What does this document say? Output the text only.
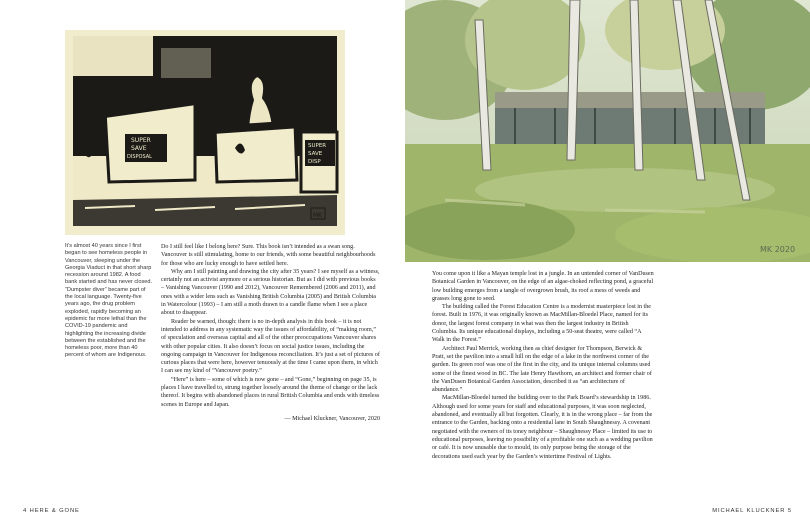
SUPER
SAVE
DISPOSAL
SUPER
SAVE
DISP
MK
It’s almost 40 years since I first began to see homeless people in Vancouver, sleeping under the Georgia Viaduct in that short sharp recession around 1982. A food bank started and has never closed. “Dumpster diver” became part of the local language. Twenty-five years ago, the drug problem exploded, rapidly becoming an epidemic far more lethal than the COVID-19 pandemic and highlighting the increasing divide between the established and the homeless poor, more than 40 percent of whom are Indigenous.

Do I still feel like I belong here? Sure. This book isn’t intended as a swan song. Vancouver is still stimulating, home to our friends, with some beautiful neighbourhoods for those who are lucky enough to have settled here.

Why am I still painting and drawing the city after 35 years? I see myself as a witness, certainly not an activist anymore or a serious historian. But as I did with previous books – Vanishing Vancouver (1990 and 2012), Vancouver Remembered (2006 and 2011), and ones with a wider lens such as Vanishing British Columbia (2005) and British Columbia in Watercolour (1993) – I am still a moth drawn to a candle flame when I see a place about to disappear.

Reader be warned, though: there is no in-depth analysis in this book – it is not intended to address in any systematic way the issues of affordability, of “making room,” of speculation and overseas capital and all of the other preoccupations Vancouver shares with other popular cities. It also doesn’t focus on social justice issues, including the ongoing campaign in Vancouver for Indigenous reconciliation. It’s just a set of pictures of curious places that were here, however tenuously at the time I came upon them, in which I can see my kind of “Vancouver poetry.”

“Here” is here – some of which is now gone – and “Gone,” beginning on page 35, is places I have travelled to, strung together loosely around the theme of change or the lack thereof. It begins with abandoned places in rural British Columbia and ends with timeless scenes in Europe and Japan.

— Michael Kluckner, Vancouver, 2020

MK 2020

You come upon it like a Mayan temple lost in a jungle. In an untended corner of VanDusen Botanical Garden in Vancouver, on the edge of an algae-choked reflecting pond, a graceful low building emerges from a tangle of overgrown brush, its roof a mess of weeds and grasses long gone to seed.

The building called the Forest Education Centre is a modernist masterpiece lost in the forest. Built in 1976, it was originally known as MacMillan-Bloedel Place, named for its donor, the largest forest company in what was then the largest industry in British Columbia. Its unique educational displays, including a 50-seat theatre, were called “A Walk in the Forest.”

Architect Paul Merrick, working then as chief designer for Thompson, Berwick & Pratt, set the pavilion into a small hill on the edge of a lake in the northwest corner of the garden. Its green roof was one of the first in the city, and its unique internal columns used some of the finest wood in BC. The late Henry Hawthorn, an architect and former chair of the VanDusen Botanical Garden Association, described it as “an architecture of abundance.”

MacMillan-Bloedel turned the building over to the Park Board’s stewardship in 1986. Although used for some years for staff and educational purposes, it was soon neglected, abandoned, and eventually all but forgotten. Clearly, it is in the wrong place – far from the entrance to the Garden, backing onto a residential lane in South Shaughnessy. A covenant negotiated with the owners of its toney neighbour – Shaughnessy Place – limited its use to educational purposes, leaving no possibility of a profitable one such as a wedding pavilion or café. It is now unusable due to mould, its only purpose being the storage of the decorations used each year by the Garden’s wintertime Festival of Lights.

4 HERE & GONE	MICHAEL KLUCKNER 5
